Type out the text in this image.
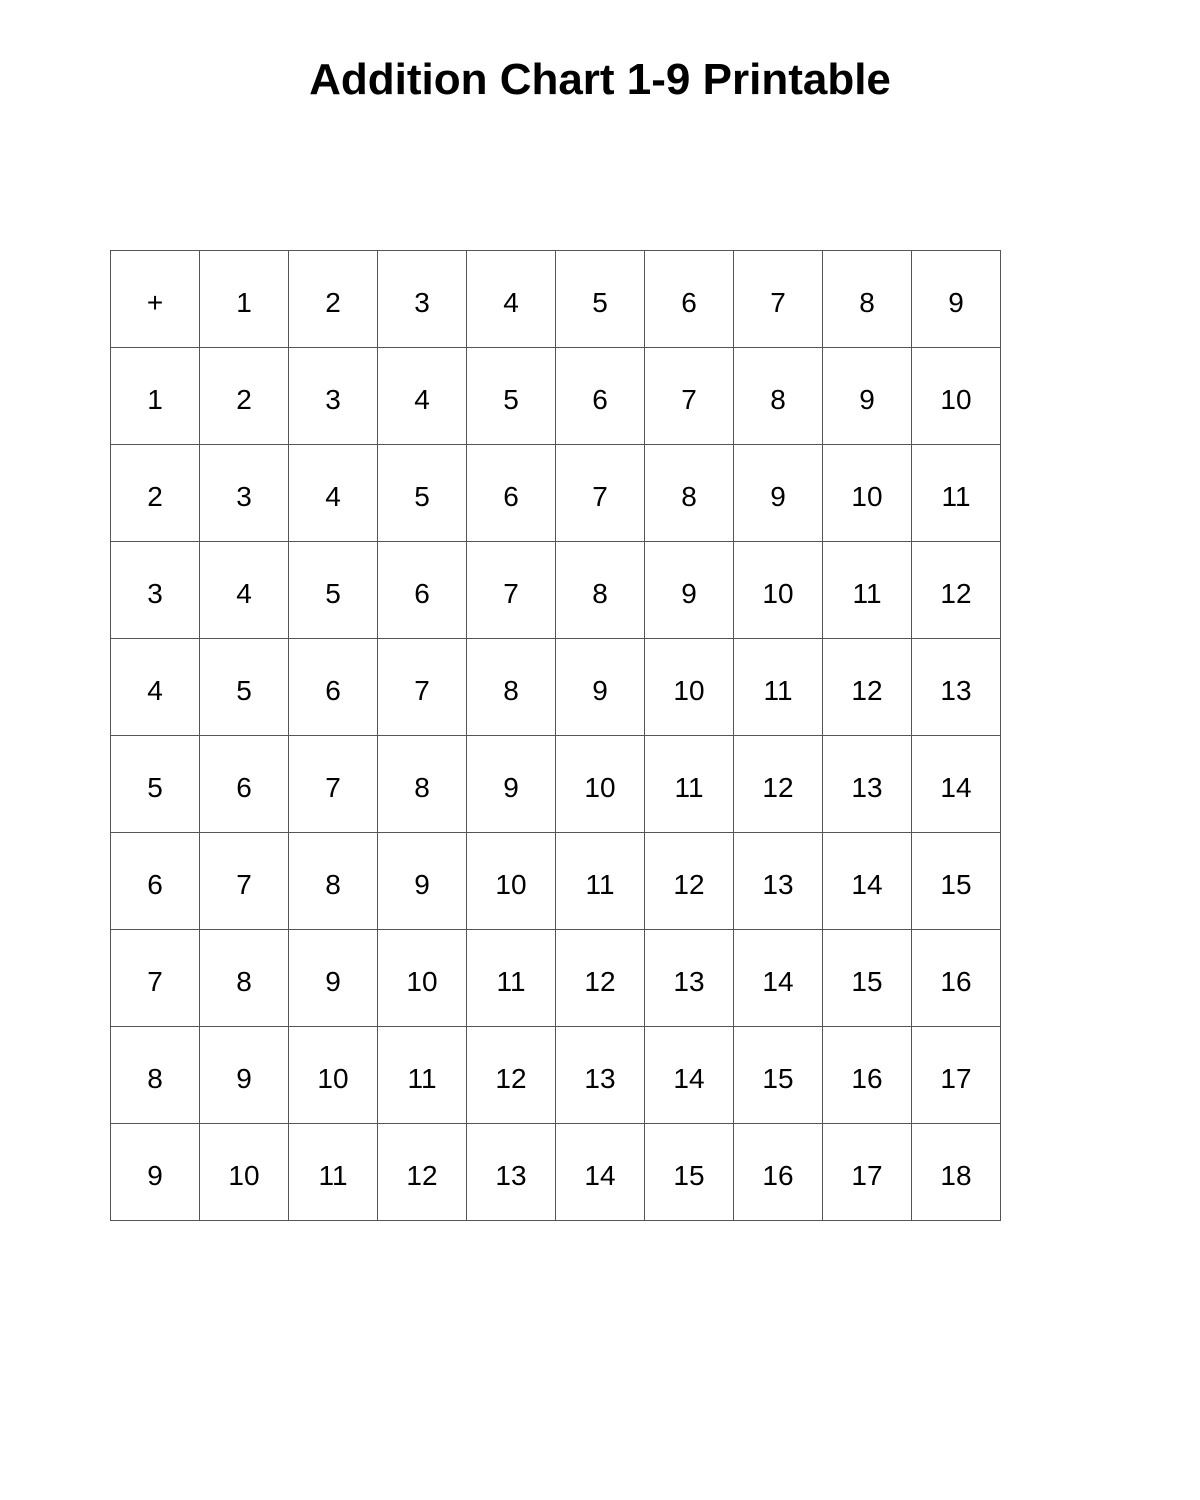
Addition Chart 1-9 Printable
+	1	2	3	4	5	6	7	8	9
1	2	3	4	5	6	7	8	9	10
2	3	4	5	6	7	8	9	10	11
3	4	5	6	7	8	9	10	11	12
4	5	6	7	8	9	10	11	12	13
5	6	7	8	9	10	11	12	13	14
6	7	8	9	10	11	12	13	14	15
7	8	9	10	11	12	13	14	15	16
8	9	10	11	12	13	14	15	16	17
9	10	11	12	13	14	15	16	17	18
